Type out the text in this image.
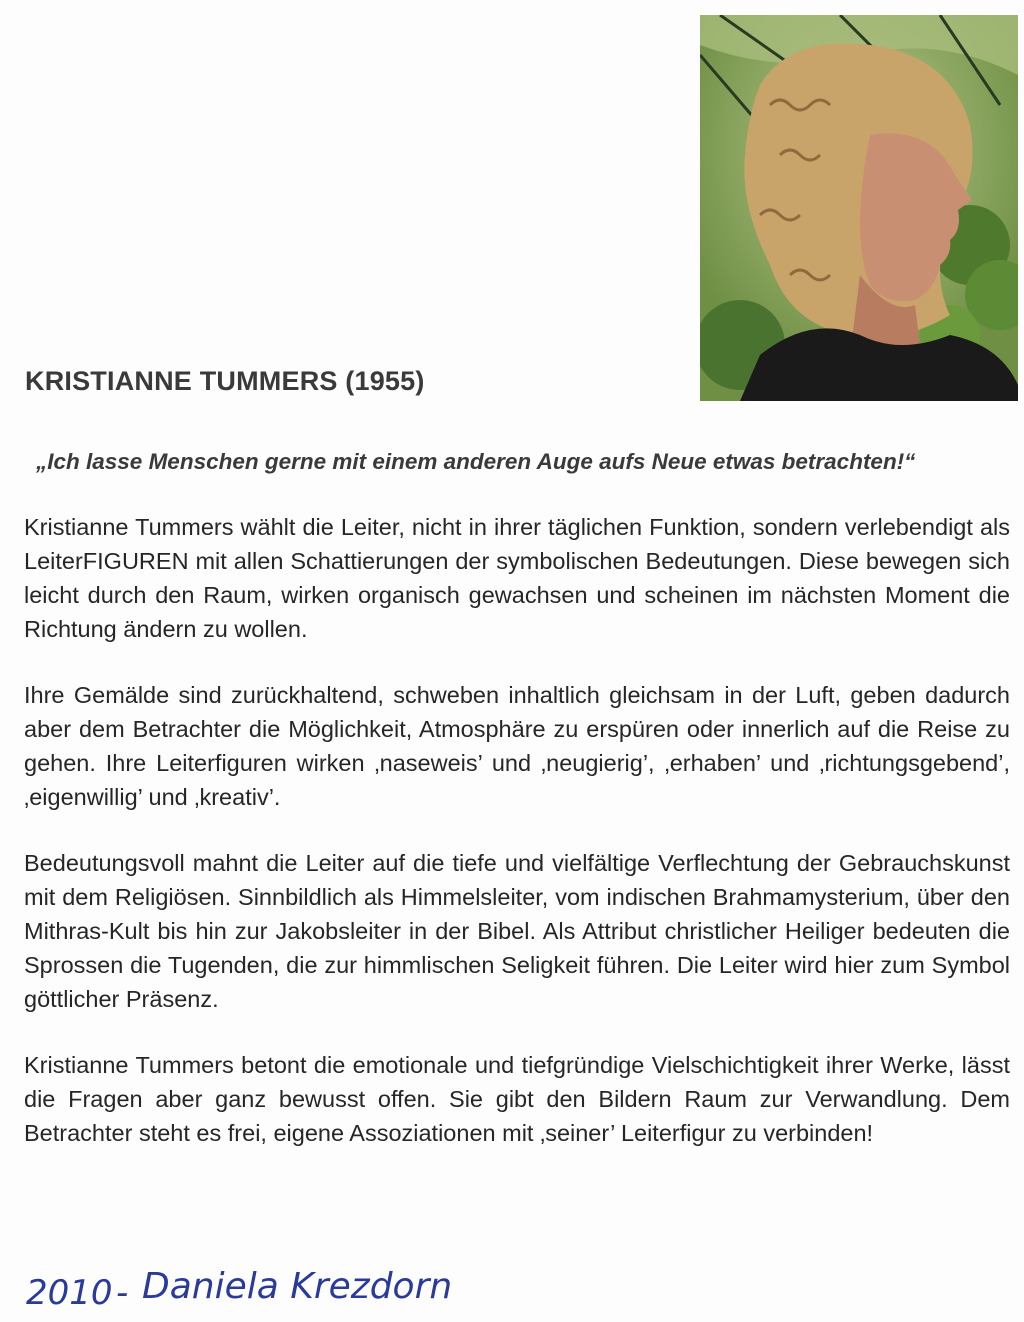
KRISTIANNE TUMMERS (1955)
„Ich lasse Menschen gerne mit einem anderen Auge aufs Neue etwas betrachten!“

Kristianne Tummers wählt die Leiter, nicht in ihrer täglichen Funktion, sondern verlebendigt als LeiterFIGUREN mit allen Schattierungen der symbolischen Bedeutungen. Diese bewegen sich leicht durch den Raum, wirken organisch gewachsen und scheinen im nächsten Moment die Richtung ändern zu wollen.

Ihre Gemälde sind zurückhaltend, schweben inhaltlich gleichsam in der Luft, geben dadurch aber dem Betrachter die Möglichkeit, Atmosphäre zu erspüren oder innerlich auf die Reise zu gehen. Ihre Leiterfiguren wirken ‚naseweis’ und ‚neugierig’, ‚erhaben’ und ‚richtungsgebend’, ‚eigenwillig’ und ‚kreativ’.

Bedeutungsvoll mahnt die Leiter auf die tiefe und vielfältige Verflechtung der Gebrauchskunst mit dem Religiösen. Sinnbildlich als Himmelsleiter, vom indischen Brahmamysterium, über den Mithras-Kult bis hin zur Jakobsleiter in der Bibel. Als Attribut christlicher Heiliger bedeuten die Sprossen die Tugenden, die zur himmlischen Seligkeit führen. Die Leiter wird hier zum Symbol göttlicher Präsenz.

Kristianne Tummers betont die emotionale und tiefgründige Vielschichtigkeit ihrer Werke, lässt die Fragen aber ganz bewusst offen. Sie gibt den Bildern Raum zur Verwandlung. Dem Betrachter steht es frei, eigene Assoziationen mit ‚seiner’ Leiterfigur zu verbinden!

2010 - Daniela Krezdorn
